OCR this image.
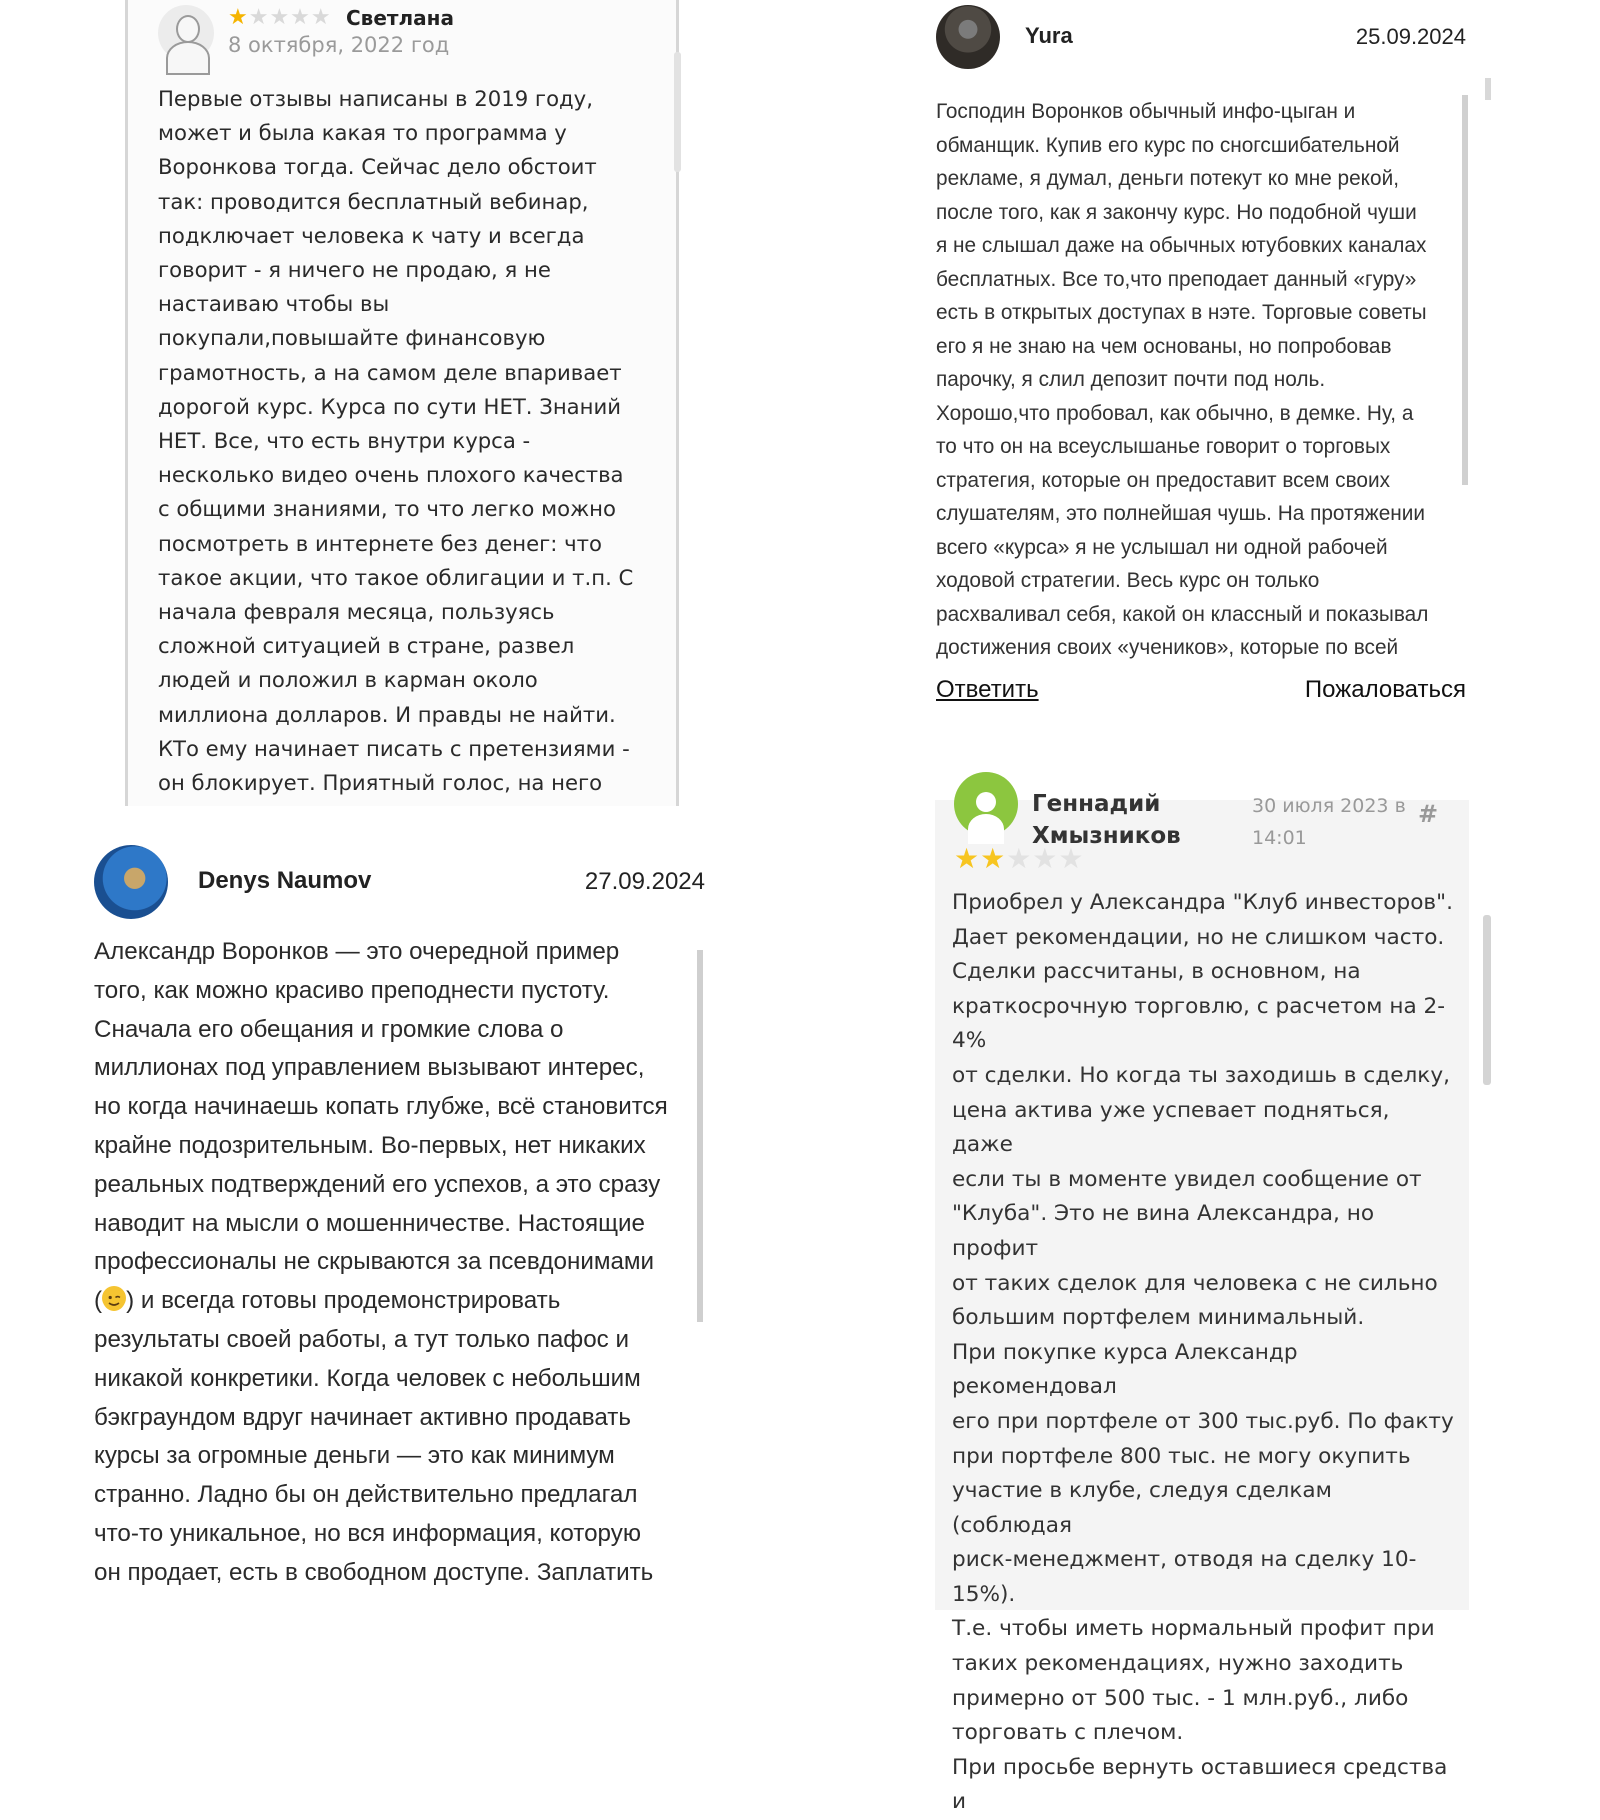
★★★★★ Светлана
8 октября, 2022 год
Первые отзывы написаны в 2019 году,
может и была какая то программа у
Воронкова тогда. Сейчас дело обстоит
так: проводится бесплатный вебинар,
подключает человека к чату и всегда
говорит - я ничего не продаю, я не
настаиваю чтобы вы
покупали,повышайте финансовую
грамотность, а на самом деле впаривает
дорогой курс. Курса по сути НЕТ. Знаний
НЕТ. Все, что есть внутри курса -
несколько видео очень плохого качества
с общими знаниями, то что легко можно
посмотреть в интернете без денег: что
такое акции, что такое облигации и т.п. С
начала февраля месяца, пользуясь
сложной ситуацией в стране, развел
людей и положил в карман около
миллиона долларов. И правды не найти.
КТо ему начинает писать с претензиями -
он блокирует. Приятный голос, на него
Yura	25.09.2024
Господин Воронков обычный инфо-цыган и
обманщик. Купив его курс по сногсшибательной
рекламе, я думал, деньги потекут ко мне рекой,
после того, как я закончу курс. Но подобной чуши
я не слышал даже на обычных ютубовких каналах
бесплатных. Все то,что преподает данный «гуру»
есть в открытых доступах в нэте. Торговые советы
его я не знаю на чем основаны, но попробовав
парочку, я слил депозит почти под ноль.
Хорошо,что пробовал, как обычно, в демке. Ну, а
то что он на всеуслышанье говорит о торговых
стратегия, которые он предоставит всем своих
слушателям, это полнейшая чушь. На протяжении
всего «курса» я не услышал ни одной рабочей
ходовой стратегии. Весь курс он только
расхваливал себя, какой он классный и показывал
достижения своих «учеников», которые по всей
Ответить	Пожаловаться
Denys Naumov	27.09.2024
Александр Воронков — это очередной пример
того, как можно красиво преподнести пустоту.
Сначала его обещания и громкие слова о
миллионах под управлением вызывают интерес,
но когда начинаешь копать глубже, всё становится
крайне подозрительным. Во-первых, нет никаких
реальных подтверждений его успехов, а это сразу
наводит на мысли о мошенничестве. Настоящие
профессионалы не скрываются за псевдонимами
( ) и всегда готовы продемонстрировать
результаты своей работы, а тут только пафос и
никакой конкретики. Когда человек с небольшим
бэкграундом вдруг начинает активно продавать
курсы за огромные деньги — это как минимум
странно. Ладно бы он действительно предлагал
что-то уникальное, но вся информация, которую
он продает, есть в свободном доступе. Заплатить
Геннадий
Хмызников
30 июля 2023 в
14:01
#
★★★★★
Приобрел у Александра "Клуб инвесторов".
Дает рекомендации, но не слишком часто.
Сделки рассчитаны, в основном, на
краткосрочную торговлю, с расчетом на 2-4%
от сделки. Но когда ты заходишь в сделку,
цена актива уже успевает подняться, даже
если ты в моменте увидел сообщение от
"Клуба". Это не вина Александра, но профит
от таких сделок для человека с не сильно
большим портфелем минимальный.
При покупке курса Александр рекомендовал
его при портфеле от 300 тыс.руб. По факту
при портфеле 800 тыс. не могу окупить
участие в клубе, следуя сделкам (соблюдая
риск-менеджмент, отводя на сделку 10-15%).
Т.е. чтобы иметь нормальный профит при
таких рекомендациях, нужно заходить
примерно от 500 тыс. - 1 млн.руб., либо
торговать с плечом.
При просьбе вернуть оставшиеся средства и
